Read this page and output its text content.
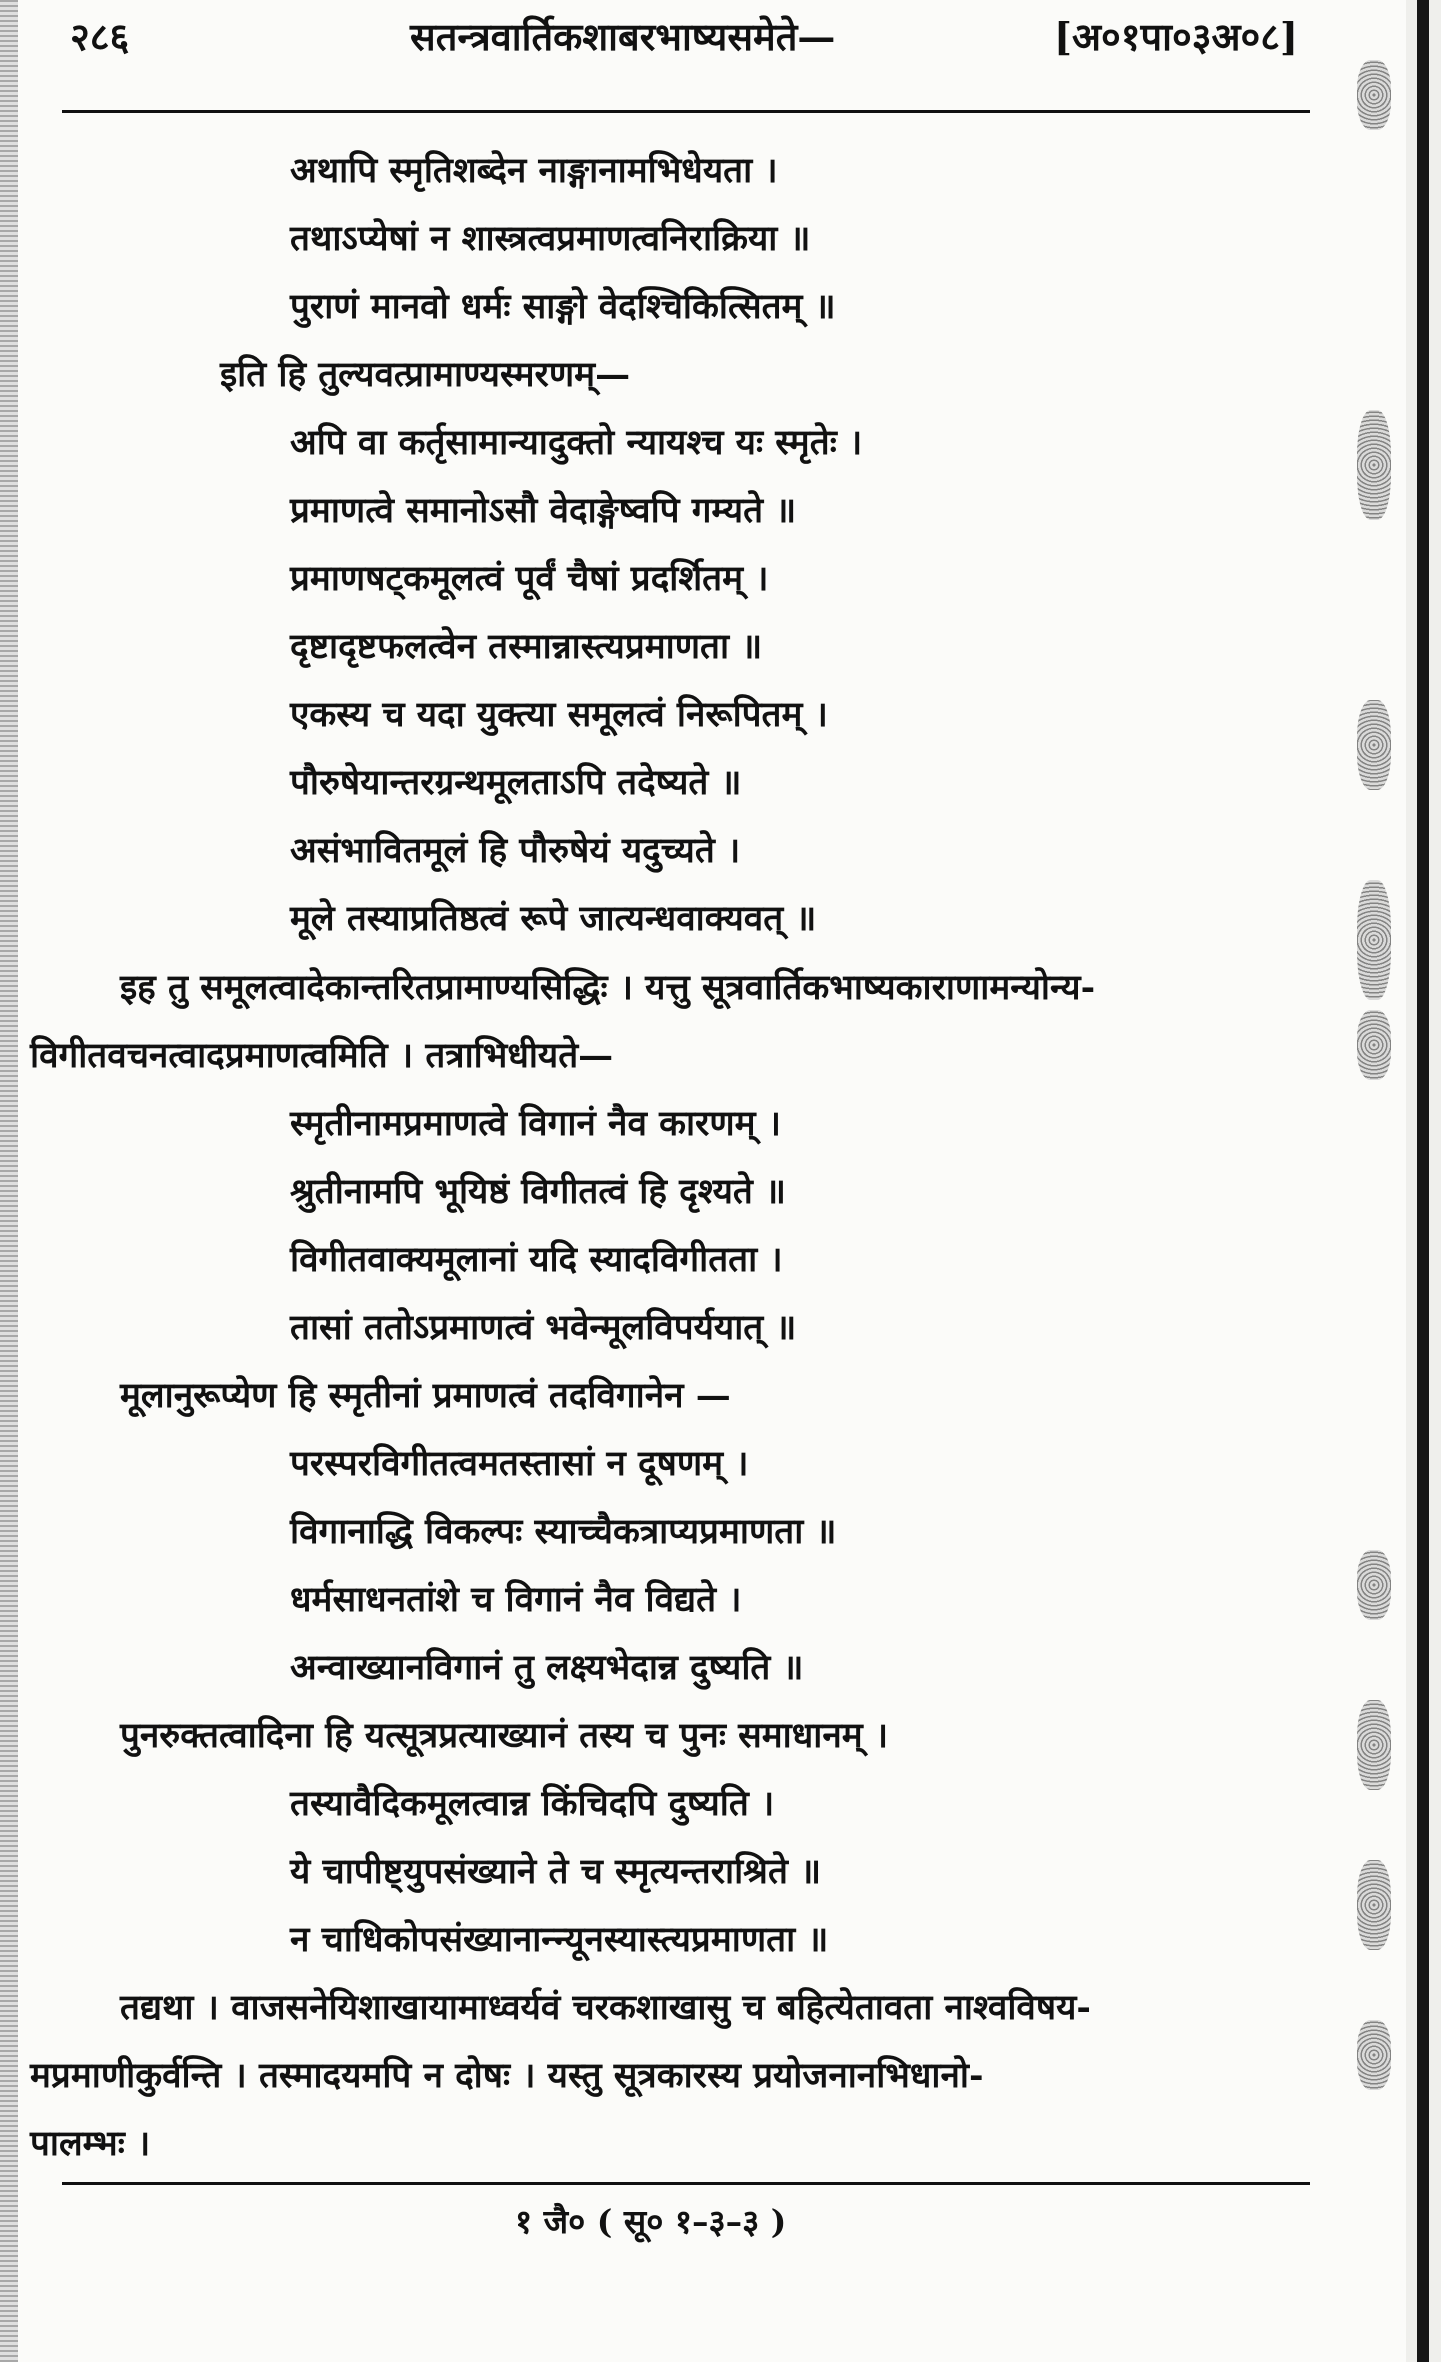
२८६	सतन्त्रवार्तिकशाबरभाष्यसमेते—	[अ०१पा०३अ०८]
अथापि स्मृतिशब्देन नाङ्गानामभिधेयता ।
तथाऽप्येषां न शास्त्रत्वप्रमाणत्वनिराक्रिया ॥
पुराणं मानवो धर्मः साङ्गो वेदश्चिकित्सितम् ॥
इति हि तुल्यवत्प्रामाण्यस्मरणम्—
अपि वा कर्तृसामान्यादुक्तो न्यायश्च यः स्मृतेः ।
प्रमाणत्वे समानोऽसौ वेदाङ्गेष्वपि गम्यते ॥
प्रमाणषट्कमूलत्वं पूर्वं चैषां प्रदर्शितम् ।
दृष्टादृष्टफलत्वेन तस्मान्नास्त्यप्रमाणता ॥
एकस्य च यदा युक्त्या समूलत्वं निरूपितम् ।
पौरुषेयान्तरग्रन्थमूलताऽपि तदेष्यते ॥
असंभावितमूलं हि पौरुषेयं यदुच्यते ।
मूले तस्याप्रतिष्ठत्वं रूपे जात्यन्धवाक्यवत् ॥
इह तु समूलत्वादेकान्तरितप्रामाण्यसिद्धिः । यत्तु सूत्रवार्तिकभाष्यकाराणामन्योन्य-
विगीतवचनत्वादप्रमाणत्वमिति । तत्राभिधीयते—
स्मृतीनामप्रमाणत्वे विगानं नैव कारणम् ।
श्रुतीनामपि भूयिष्ठं विगीतत्वं हि दृश्यते ॥
विगीतवाक्यमूलानां यदि स्यादविगीतता ।
तासां ततोऽप्रमाणत्वं भवेन्मूलविपर्ययात् ॥
मूलानुरूप्येण हि स्मृतीनां प्रमाणत्वं तदविगानेन —
परस्परविगीतत्वमतस्तासां न दूषणम् ।
विगानाद्धि विकल्पः स्याच्चैकत्राप्यप्रमाणता ॥
धर्मसाधनतांशे च विगानं नैव विद्यते ।
अन्वाख्यानविगानं तु लक्ष्यभेदान्न दुष्यति ॥
पुनरुक्तत्वादिना हि यत्सूत्रप्रत्याख्यानं तस्य च पुनः समाधानम् ।
तस्यावैदिकमूलत्वान्न किंचिदपि दुष्यति ।
ये चापीष्ट्युपसंख्याने ते च स्मृत्यन्तराश्रिते ॥
न चाधिकोपसंख्यानान्न्यूनस्यास्त्यप्रमाणता ॥
तद्यथा । वाजसनेयिशाखायामाध्वर्यवं चरकशाखासु च बहित्येतावता नाश्वविषय-
मप्रमाणीकुर्वन्ति । तस्मादयमपि न दोषः । यस्तु सूत्रकारस्य प्रयोजनानभिधानो-
पालम्भः ।
१ जै० ( सू० १–३–३ )
